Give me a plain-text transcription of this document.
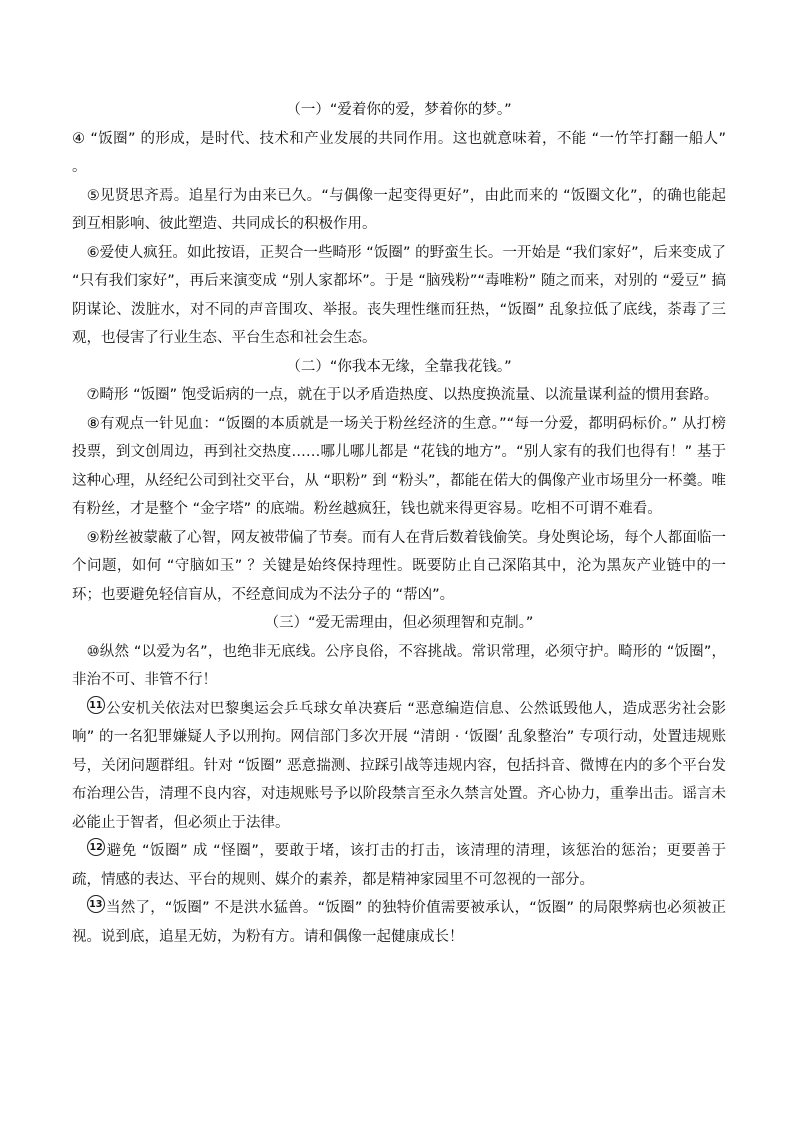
（一）“爱着你的爱，梦着你的梦。”

④ “饭圈” 的形成，是时代、技术和产业发展的共同作用。这也就意味着，不能 “一竹竿打翻一船人” 。

　⑤见贤思齐焉。追星行为由来已久。“与偶像一起变得更好”，由此而来的 “饭圈文化”，的确也能起到互相影响、彼此塑造、共同成长的积极作用。

　⑥爱使人疯狂。如此按语，正契合一些畸形 “饭圈” 的野蛮生长。一开始是 “我们家好”，后来变成了 “只有我们家好”，再后来演变成 “别人家都坏”。于是 “脑残粉”“毒唯粉” 随之而来，对别的 “爱豆” 搞阴谋论、泼脏水，对不同的声音围攻、举报。丧失理性继而狂热，“饭圈” 乱象拉低了底线，荼毒了三观，也侵害了行业生态、平台生态和社会生态。

（二）“你我本无缘，全靠我花钱。”

　⑦畸形 “饭圈” 饱受诟病的一点，就在于以矛盾造热度、以热度换流量、以流量谋利益的惯用套路。

　⑧有观点一针见血：“饭圈的本质就是一场关于粉丝经济的生意。”“每一分爱，都明码标价。” 从打榜投票，到文创周边，再到社交热度……哪儿哪儿都是 “花钱的地方”。“别人家有的我们也得有！” 基于这种心理，从经纪公司到社交平台，从 “职粉” 到 “粉头”，都能在偌大的偶像产业市场里分一杯羹。唯有粉丝，才是整个 “金字塔” 的底端。粉丝越疯狂，钱也就来得更容易。吃相不可谓不难看。

　⑨粉丝被蒙蔽了心智，网友被带偏了节奏。而有人在背后数着钱偷笑。身处舆论场，每个人都面临一个问题，如何 “守脑如玉” ？关键是始终保持理性。既要防止自己深陷其中，沦为黑灰产业链中的一环；也要避免轻信盲从，不经意间成为不法分子的 “帮凶”。

（三）“爱无需理由，但必须理智和克制。”

　⑩纵然 “以爱为名”，也绝非无底线。公序良俗，不容挑战。常识常理，必须守护。畸形的 “饭圈”，非治不可、非管不行！

　11 公安机关依法对巴黎奥运会乒乓球女单决赛后 “恶意编造信息、公然诋毁他人，造成恶劣社会影响” 的一名犯罪嫌疑人予以刑拘。网信部门多次开展 “清朗 · ‘饭圈’ 乱象整治” 专项行动，处置违规账号，关闭问题群组。针对 “饭圈” 恶意揣测、拉踩引战等违规内容，包括抖音、微博在内的多个平台发布治理公告，清理不良内容，对违规账号予以阶段禁言至永久禁言处置。齐心协力，重拳出击。谣言未必能止于智者，但必须止于法律。

　12 避免 “饭圈” 成 “怪圈”，要敢于堵，该打击的打击，该清理的清理，该惩治的惩治；更要善于疏，情感的表达、平台的规则、媒介的素养，都是精神家园里不可忽视的一部分。

　13 当然了，“饭圈” 不是洪水猛兽。“饭圈” 的独特价值需要被承认，“饭圈” 的局限弊病也必须被正视。说到底，追星无妨，为粉有方。请和偶像一起健康成长！
